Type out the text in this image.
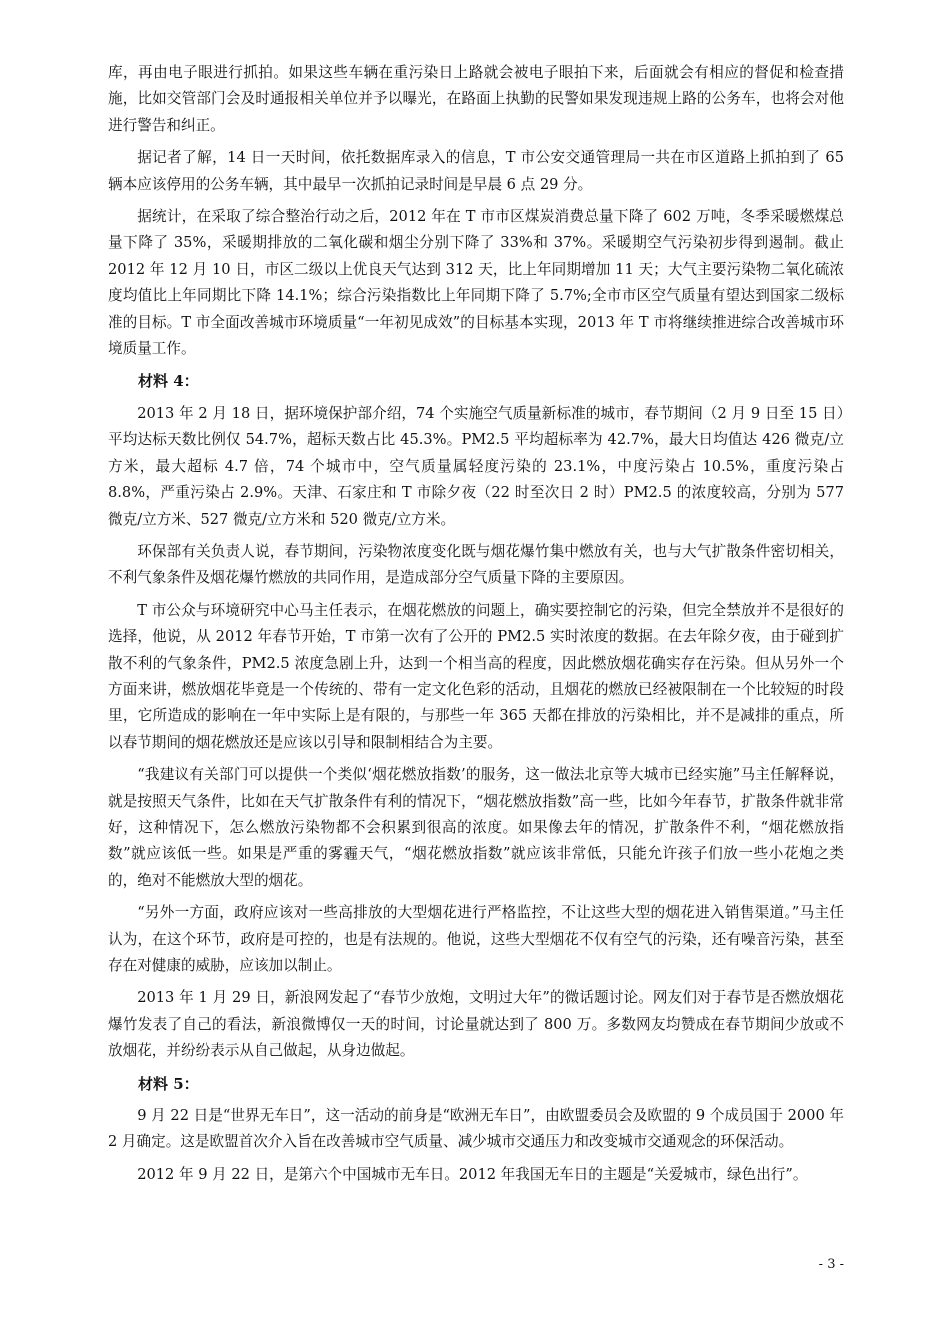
库，再由电子眼进行抓拍。如果这些车辆在重污染日上路就会被电子眼拍下来，后面就会有相应的督促和检查措施，比如交管部门会及时通报相关单位并予以曝光，在路面上执勤的民警如果发现违规上路的公务车，也将会对他进行警告和纠正。

据记者了解，14 日一天时间，依托数据库录入的信息，T 市公安交通管理局一共在市区道路上抓拍到了 65 辆本应该停用的公务车辆，其中最早一次抓拍记录时间是早晨 6 点 29 分。

据统计，在采取了综合整治行动之后，2012 年在 T 市市区煤炭消费总量下降了 602 万吨，冬季采暖燃煤总量下降了 35%，采暖期排放的二氧化碳和烟尘分别下降了 33%和 37%。采暖期空气污染初步得到遏制。截止 2012 年 12 月 10 日，市区二级以上优良天气达到 312 天，比上年同期增加 11 天；大气主要污染物二氧化硫浓度均值比上年同期比下降 14.1%；综合污染指数比上年同期下降了 5.7%;全市市区空气质量有望达到国家二级标准的目标。T 市全面改善城市环境质量“一年初见成效”的目标基本实现，2013 年 T 市将继续推进综合改善城市环境质量工作。

材料 4：

2013 年 2 月 18 日，据环境保护部介绍，74 个实施空气质量新标准的城市，春节期间（2 月 9 日至 15 日）平均达标天数比例仅 54.7%，超标天数占比 45.3%。PM2.5 平均超标率为 42.7%，最大日均值达 426 微克/立方米，最大超标 4.7 倍，74 个城市中，空气质量属轻度污染的 23.1%，中度污染占 10.5%，重度污染占 8.8%，严重污染占 2.9%。天津、石家庄和 T 市除夕夜（22 时至次日 2 时）PM2.5 的浓度较高，分别为 577 微克/立方米、527 微克/立方米和 520 微克/立方米。

环保部有关负责人说，春节期间，污染物浓度变化既与烟花爆竹集中燃放有关，也与大气扩散条件密切相关，不利气象条件及烟花爆竹燃放的共同作用，是造成部分空气质量下降的主要原因。

T 市公众与环境研究中心马主任表示，在烟花燃放的问题上，确实要控制它的污染，但完全禁放并不是很好的选择，他说，从 2012 年春节开始，T 市第一次有了公开的 PM2.5 实时浓度的数据。在去年除夕夜，由于碰到扩散不利的气象条件，PM2.5 浓度急剧上升，达到一个相当高的程度，因此燃放烟花确实存在污染。但从另外一个方面来讲，燃放烟花毕竟是一个传统的、带有一定文化色彩的活动，且烟花的燃放已经被限制在一个比较短的时段里，它所造成的影响在一年中实际上是有限的，与那些一年 365 天都在排放的污染相比，并不是减排的重点，所以春节期间的烟花燃放还是应该以引导和限制相结合为主要。

“我建议有关部门可以提供一个类似‘烟花燃放指数’的服务，这一做法北京等大城市已经实施”马主任解释说，就是按照天气条件，比如在天气扩散条件有利的情况下，“烟花燃放指数”高一些，比如今年春节，扩散条件就非常好，这种情况下，怎么燃放污染物都不会积累到很高的浓度。如果像去年的情况，扩散条件不利，“烟花燃放指数”就应该低一些。如果是严重的雾霾天气，“烟花燃放指数”就应该非常低，只能允许孩子们放一些小花炮之类的，绝对不能燃放大型的烟花。

“另外一方面，政府应该对一些高排放的大型烟花进行严格监控，不让这些大型的烟花进入销售渠道。”马主任认为，在这个环节，政府是可控的，也是有法规的。他说，这些大型烟花不仅有空气的污染，还有噪音污染，甚至存在对健康的威胁，应该加以制止。

2013 年 1 月 29 日，新浪网发起了“春节少放炮，文明过大年”的微话题讨论。网友们对于春节是否燃放烟花爆竹发表了自己的看法，新浪微博仅一天的时间，讨论量就达到了 800 万。多数网友均赞成在春节期间少放或不放烟花，并纷纷表示从自己做起，从身边做起。

材料 5：

9 月 22 日是“世界无车日”，这一活动的前身是“欧洲无车日”，由欧盟委员会及欧盟的 9 个成员国于 2000 年 2 月确定。这是欧盟首次介入旨在改善城市空气质量、减少城市交通压力和改变城市交通观念的环保活动。

2012 年 9 月 22 日，是第六个中国城市无车日。2012 年我国无车日的主题是“关爱城市，绿色出行”。

- 3 -
